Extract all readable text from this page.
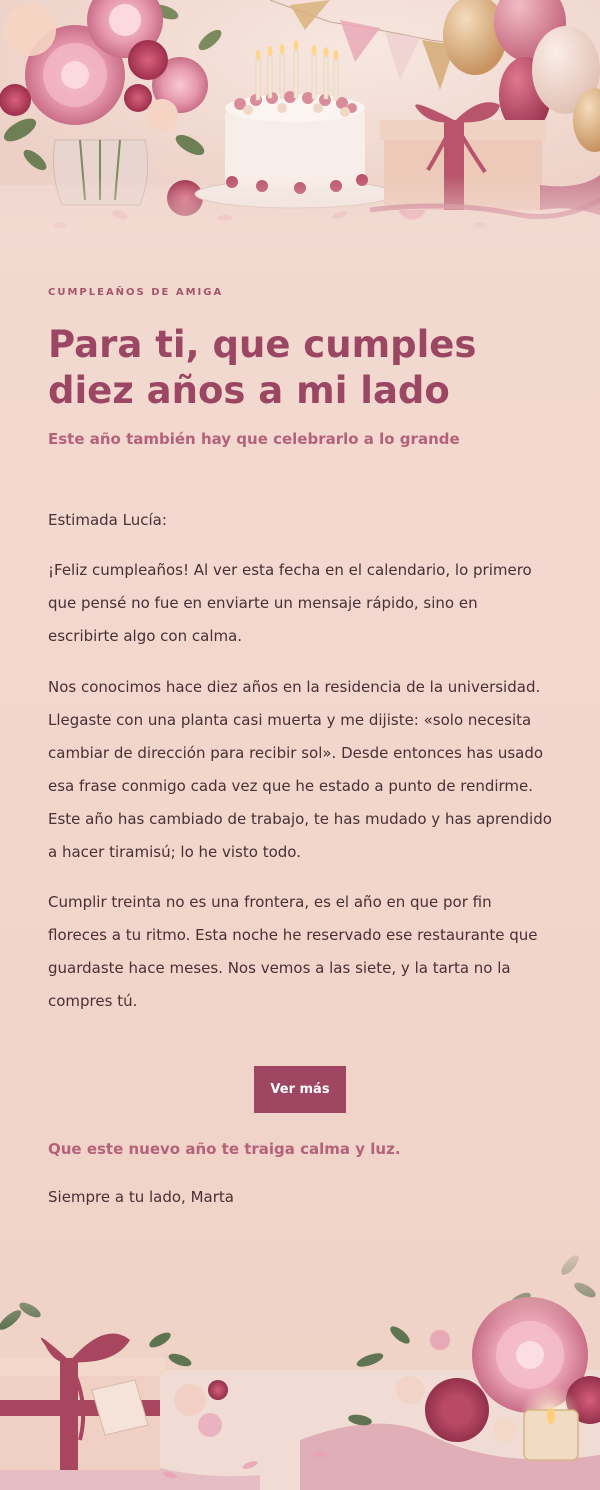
CUMPLEAÑOS DE AMIGA
Para ti, que cumples diez años a mi lado
Este año también hay que celebrarlo a lo grande
Estimada Lucía:

¡Feliz cumpleaños! Al ver esta fecha en el calendario, lo primero que pensé no fue en enviarte un mensaje rápido, sino en escribirte algo con calma.

Nos conocimos hace diez años en la residencia de la universidad. Llegaste con una planta casi muerta y me dijiste: «solo necesita cambiar de dirección para recibir sol». Desde entonces has usado esa frase conmigo cada vez que he estado a punto de rendirme. Este año has cambiado de trabajo, te has mudado y has aprendido a hacer tiramisú; lo he visto todo.

Cumplir treinta no es una frontera, es el año en que por fin floreces a tu ritmo. Esta noche he reservado ese restaurante que guardaste hace meses. Nos vemos a las siete, y la tarta no la compres tú.

Ver más
Que este nuevo año te traiga calma y luz.
Siempre a tu lado, Marta
